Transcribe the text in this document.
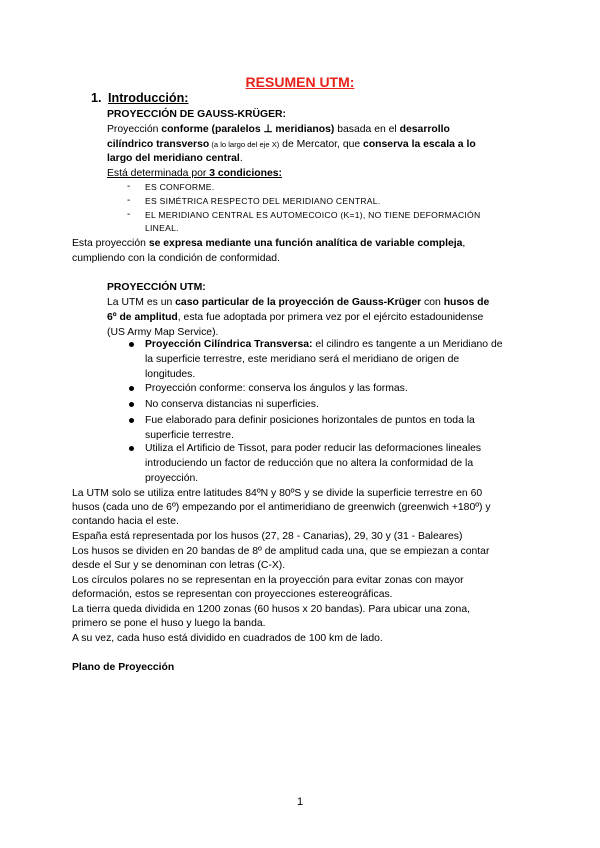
RESUMEN UTM:
1. Introducción:
PROYECCIÓN DE GAUSS-KRÜGER:
Proyección conforme (paralelos ⊥ meridianos) basada en el desarrollo
cilíndrico transverso (a lo largo del eje X) de Mercator, que conserva la escala a lo
largo del meridiano central.
Está determinada por 3 condiciones:
- ES CONFORME.
- ES SIMÉTRICA RESPECTO DEL MERIDIANO CENTRAL.
- EL MERIDIANO CENTRAL ES AUTOMECOICO (K=1), NO TIENE DEFORMACIÓN
LINEAL.
Esta proyección se expresa mediante una función analítica de variable compleja,
cumpliendo con la condición de conformidad.
PROYECCIÓN UTM:
La UTM es un caso particular de la proyección de Gauss-Krüger con husos de
6º de amplitud, esta fue adoptada por primera vez por el ejército estadounidense
(US Army Map Service).
Proyección Cilíndrica Transversa: el cilindro es tangente a un Meridiano de
la superficie terrestre, este meridiano será el meridiano de origen de
longitudes.
Proyección conforme: conserva los ángulos y las formas.
No conserva distancias ni superficies.
Fue elaborado para definir posiciones horizontales de puntos en toda la
superficie terrestre.
Utiliza el Artificio de Tissot, para poder reducir las deformaciones lineales
introduciendo un factor de reducción que no altera la conformidad de la
proyección.
La UTM solo se utiliza entre latitudes 84ºN y 80ºS y se divide la superficie terrestre en 60
husos (cada uno de 6º) empezando por el antimeridiano de greenwich (greenwich +180º) y
contando hacia el este.
España está representada por los husos (27, 28 - Canarias), 29, 30 y (31 - Baleares)
Los husos se dividen en 20 bandas de 8º de amplitud cada una, que se empiezan a contar
desde el Sur y se denominan con letras (C-X).
Los círculos polares no se representan en la proyección para evitar zonas con mayor
deformación, estos se representan con proyecciones estereográficas.
La tierra queda dividida en 1200 zonas (60 husos x 20 bandas). Para ubicar una zona,
primero se pone el huso y luego la banda.
A su vez, cada huso está dividido en cuadrados de 100 km de lado.
Plano de Proyección
1
